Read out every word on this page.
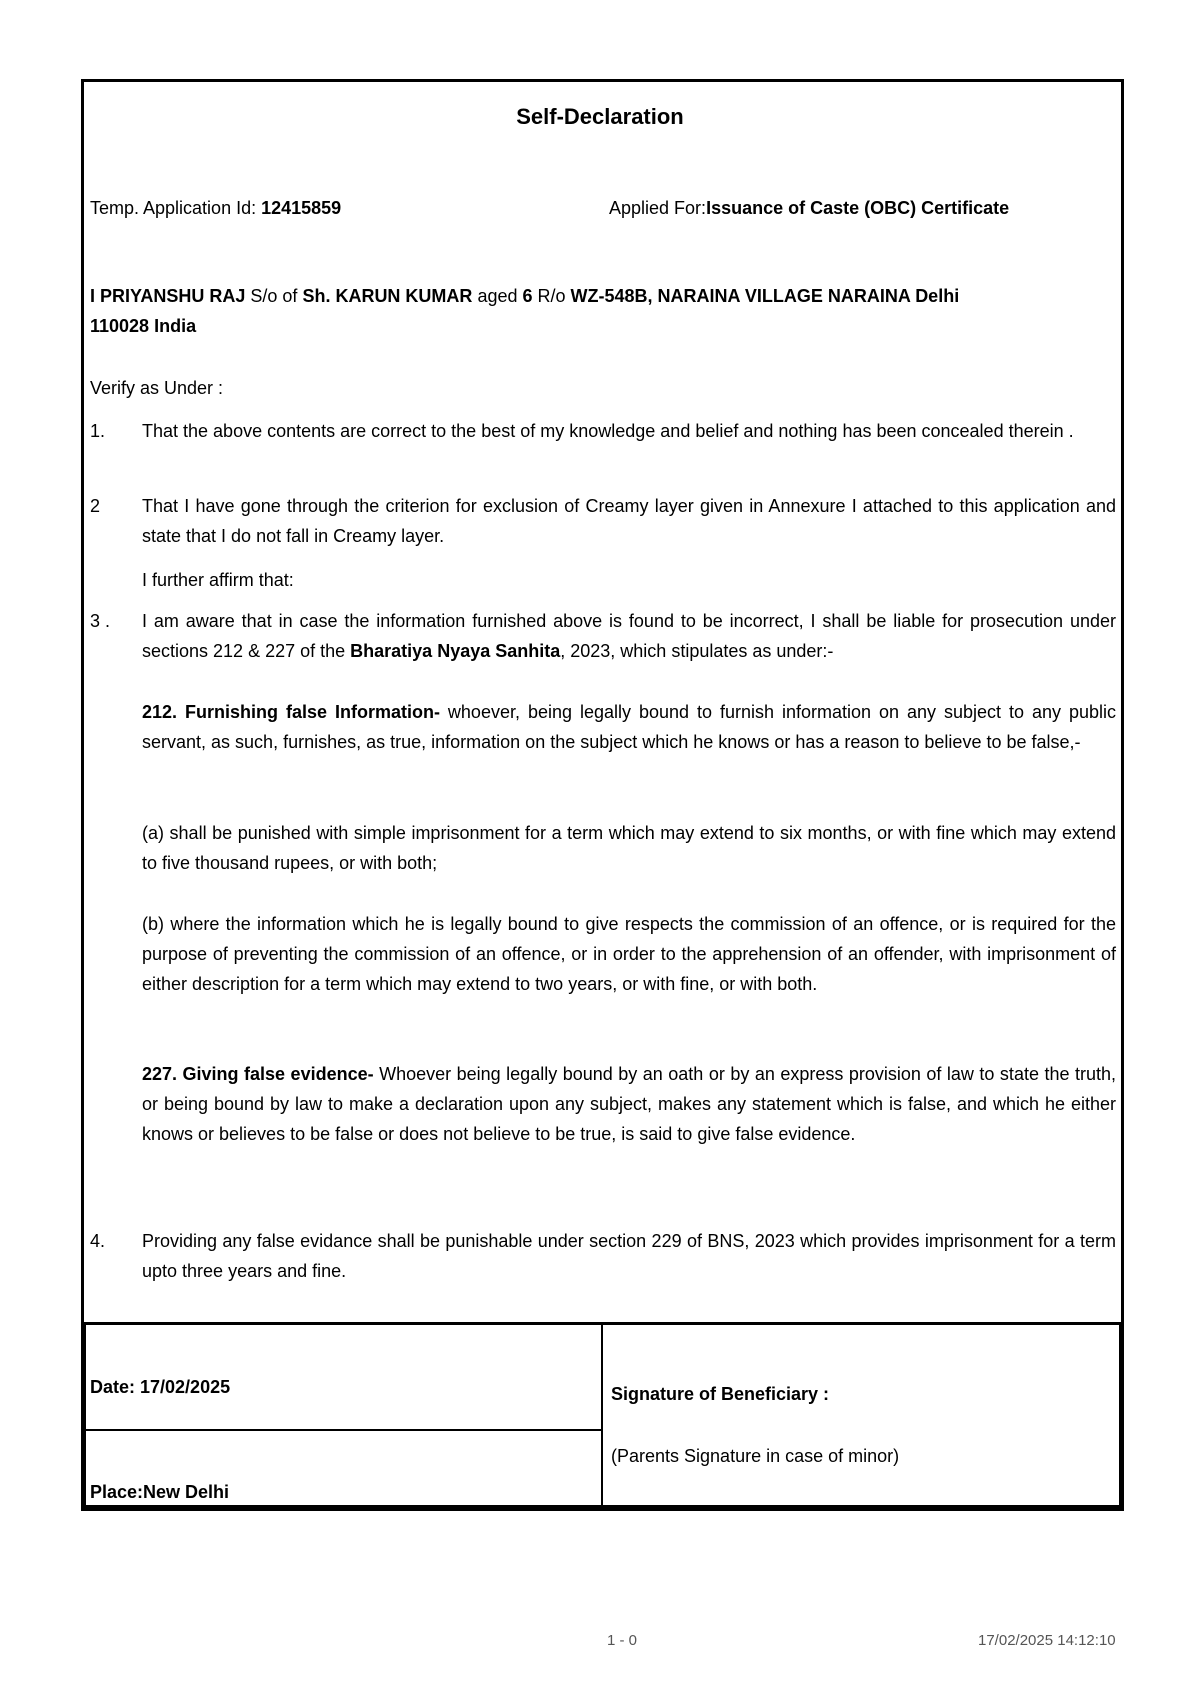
Self-Declaration
Temp. Application Id: 12415859	Applied For:Issuance of Caste (OBC) Certificate
I PRIYANSHU RAJ S/o of Sh. KARUN KUMAR aged 6 R/o WZ-548B, NARAINA VILLAGE NARAINA Delhi
110028 India
Verify as Under :
1. That the above contents are correct to the best of my knowledge and belief and nothing has been concealed therein .
2 That I have gone through the criterion for exclusion of Creamy layer given in Annexure I attached to this application and state that I do not fall in Creamy layer.
I further affirm that:
3 . I am aware that in case the information furnished above is found to be incorrect, I shall be liable for prosecution under sections 212 & 227 of the Bharatiya Nyaya Sanhita, 2023, which stipulates as under:-
212. Furnishing false Information- whoever, being legally bound to furnish information on any subject to any public servant, as such, furnishes, as true, information on the subject which he knows or has a reason to believe to be false,-
(a) shall be punished with simple imprisonment for a term which may extend to six months, or with fine which may extend to five thousand rupees, or with both;
(b) where the information which he is legally bound to give respects the commission of an offence, or is required for the purpose of preventing the commission of an offence, or in order to the apprehension of an offender, with imprisonment of either description for a term which may extend to two years, or with fine, or with both.
227. Giving false evidence- Whoever being legally bound by an oath or by an express provision of law to state the truth, or being bound by law to make a declaration upon any subject, makes any statement which is false, and which he either knows or believes to be false or does not believe to be true, is said to give false evidence.
4. Providing any false evidance shall be punishable under section 229 of BNS, 2023 which provides imprisonment for a term upto three years and fine.
Date: 17/02/2025
Place:New Delhi
Signature of Beneficiary :
(Parents Signature in case of minor)
1 - 0	17/02/2025 14:12:10
